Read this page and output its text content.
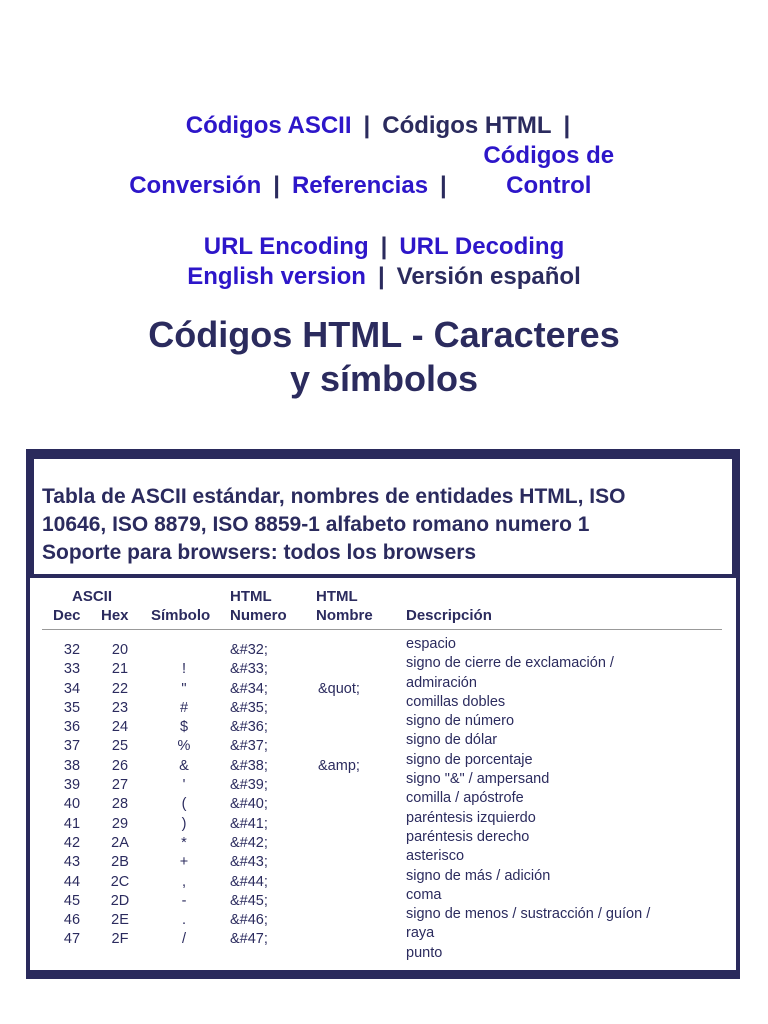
Códigos ASCII | Códigos HTML |
Conversión | Referencias |Códigos de Control
URL Encoding | URL Decoding
English version | Versión español
Códigos HTML - Caracteres
y símbolos
Tabla de ASCII estándar, nombres de entidades HTML, ISO
10646, ISO 8879, ISO 8859-1 alfabeto romano numero 1
Soporte para browsers: todos los browsers
ASCII
Dec Hex Símbolo
HTML
Numero
HTML
Nombre Descripción
32
33
34
35
36
37
38
39
40
41
42
43
44
45
46
47
20
21
22
23
24
25
26
27
28
29
2A
2B
2C
2D
2E
2F
!
"
#
$
%
&
'
(
)
*
+
,
-
.
/
&#32;
&#33;
&#34;
&#35;
&#36;
&#37;
&#38;
&#39;
&#40;
&#41;
&#42;
&#43;
&#44;
&#45;
&#46;
&#47;
&quot;
&amp;
espacio
signo de cierre de exclamación /
admiración
comillas dobles
signo de número
signo de dólar
signo de porcentaje
signo "&" / ampersand
comilla / apóstrofe
paréntesis izquierdo
paréntesis derecho
asterisco
signo de más / adición
coma
signo de menos / sustracción / guíon /
raya
punto
